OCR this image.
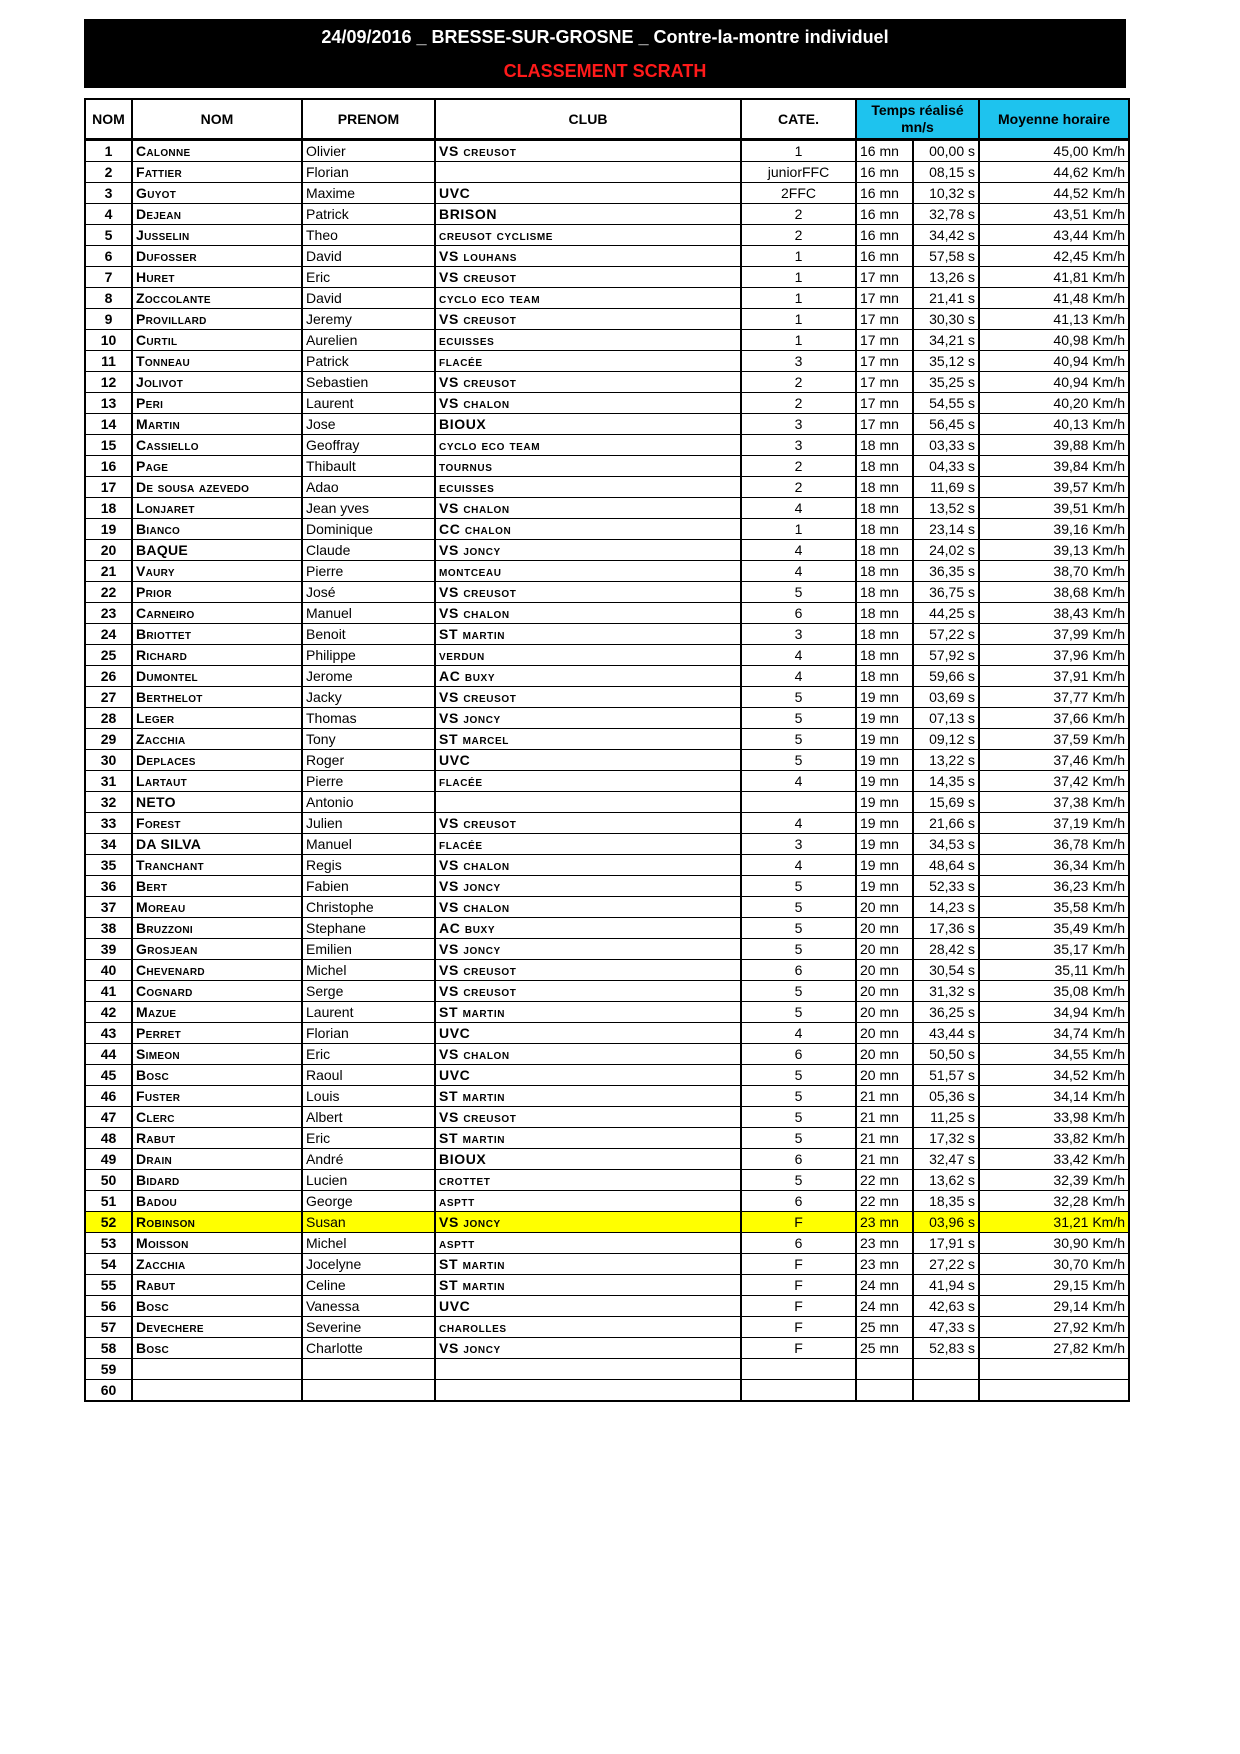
24/09/2016 _ BRESSE-SUR-GROSNE _ Contre-la-montre individuel
CLASSEMENT SCRATH
NOM	NOM	PRENOM	CLUB	CATE.	Temps réalisé mn/s		Moyenne horaire
1	Calonne	Olivier	VS creusot	1	16 mn	00,00 s	45,00 Km/h
2	Fattier	Florian		juniorFFC	16 mn	08,15 s	44,62 Km/h
3	Guyot	Maxime	UVC	2FFC	16 mn	10,32 s	44,52 Km/h
4	Dejean	Patrick	BRISON	2	16 mn	32,78 s	43,51 Km/h
5	Jusselin	Theo	creusot cyclisme	2	16 mn	34,42 s	43,44 Km/h
6	Dufosser	David	VS louhans	1	16 mn	57,58 s	42,45 Km/h
7	Huret	Eric	VS creusot	1	17 mn	13,26 s	41,81 Km/h
8	Zoccolante	David	cyclo eco team	1	17 mn	21,41 s	41,48 Km/h
9	Provillard	Jeremy	VS creusot	1	17 mn	30,30 s	41,13 Km/h
10	Curtil	Aurelien	ecuisses	1	17 mn	34,21 s	40,98 Km/h
11	Tonneau	Patrick	flacée	3	17 mn	35,12 s	40,94 Km/h
12	Jolivot	Sebastien	VS creusot	2	17 mn	35,25 s	40,94 Km/h
13	Peri	Laurent	VS chalon	2	17 mn	54,55 s	40,20 Km/h
14	Martin	Jose	BIOUX	3	17 mn	56,45 s	40,13 Km/h
15	Cassiello	Geoffray	cyclo eco team	3	18 mn	03,33 s	39,88 Km/h
16	Page	Thibault	tournus	2	18 mn	04,33 s	39,84 Km/h
17	De sousa azevedo	Adao	ecuisses	2	18 mn	11,69 s	39,57 Km/h
18	Lonjaret	Jean yves	VS chalon	4	18 mn	13,52 s	39,51 Km/h
19	Bianco	Dominique	CC chalon	1	18 mn	23,14 s	39,16 Km/h
20	BAQUE	Claude	VS joncy	4	18 mn	24,02 s	39,13 Km/h
21	Vaury	Pierre	montceau	4	18 mn	36,35 s	38,70 Km/h
22	Prior	José	VS creusot	5	18 mn	36,75 s	38,68 Km/h
23	Carneiro	Manuel	VS chalon	6	18 mn	44,25 s	38,43 Km/h
24	Briottet	Benoit	ST martin	3	18 mn	57,22 s	37,99 Km/h
25	Richard	Philippe	verdun	4	18 mn	57,92 s	37,96 Km/h
26	Dumontel	Jerome	AC buxy	4	18 mn	59,66 s	37,91 Km/h
27	Berthelot	Jacky	VS creusot	5	19 mn	03,69 s	37,77 Km/h
28	Leger	Thomas	VS joncy	5	19 mn	07,13 s	37,66 Km/h
29	Zacchia	Tony	ST marcel	5	19 mn	09,12 s	37,59 Km/h
30	Deplaces	Roger	UVC	5	19 mn	13,22 s	37,46 Km/h
31	Lartaut	Pierre	flacée	4	19 mn	14,35 s	37,42 Km/h
32	NETO	Antonio			19 mn	15,69 s	37,38 Km/h
33	Forest	Julien	VS creusot	4	19 mn	21,66 s	37,19 Km/h
34	DA SILVA	Manuel	flacée	3	19 mn	34,53 s	36,78 Km/h
35	Tranchant	Regis	VS chalon	4	19 mn	48,64 s	36,34 Km/h
36	Bert	Fabien	VS joncy	5	19 mn	52,33 s	36,23 Km/h
37	Moreau	Christophe	VS chalon	5	20 mn	14,23 s	35,58 Km/h
38	Bruzzoni	Stephane	AC buxy	5	20 mn	17,36 s	35,49 Km/h
39	Grosjean	Emilien	VS joncy	5	20 mn	28,42 s	35,17 Km/h
40	Chevenard	Michel	VS creusot	6	20 mn	30,54 s	35,11 Km/h
41	Cognard	Serge	VS creusot	5	20 mn	31,32 s	35,08 Km/h
42	Mazue	Laurent	ST martin	5	20 mn	36,25 s	34,94 Km/h
43	Perret	Florian	UVC	4	20 mn	43,44 s	34,74 Km/h
44	Simeon	Eric	VS chalon	6	20 mn	50,50 s	34,55 Km/h
45	Bosc	Raoul	UVC	5	20 mn	51,57 s	34,52 Km/h
46	Fuster	Louis	ST martin	5	21 mn	05,36 s	34,14 Km/h
47	Clerc	Albert	VS creusot	5	21 mn	11,25 s	33,98 Km/h
48	Rabut	Eric	ST martin	5	21 mn	17,32 s	33,82 Km/h
49	Drain	André	BIOUX	6	21 mn	32,47 s	33,42 Km/h
50	Bidard	Lucien	crottet	5	22 mn	13,62 s	32,39 Km/h
51	Badou	George	asptt	6	22 mn	18,35 s	32,28 Km/h
52	Robinson	Susan	VS joncy	F	23 mn	03,96 s	31,21 Km/h
53	Moisson	Michel	asptt	6	23 mn	17,91 s	30,90 Km/h
54	Zacchia	Jocelyne	ST martin	F	23 mn	27,22 s	30,70 Km/h
55	Rabut	Celine	ST martin	F	24 mn	41,94 s	29,15 Km/h
56	Bosc	Vanessa	UVC	F	24 mn	42,63 s	29,14 Km/h
57	Devechere	Severine	charolles	F	25 mn	47,33 s	27,92 Km/h
58	Bosc	Charlotte	VS joncy	F	25 mn	52,83 s	27,82 Km/h
59							
60							
